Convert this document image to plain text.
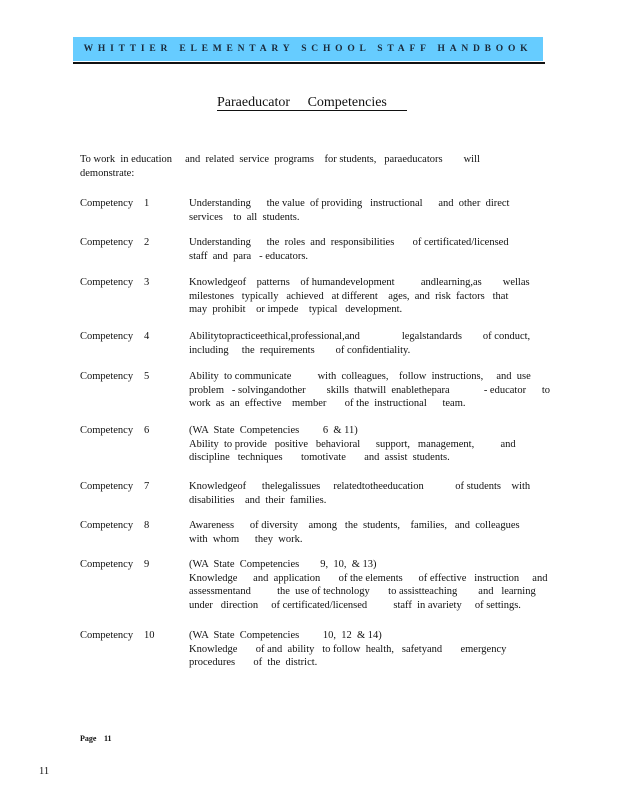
WHITTIER ELEMENTARY SCHOOL STAFF HANDBOOK
Paraeducator     Competencies
To work  in education     and  related  service  programs    for students,   paraeducators        will
demonstrate:
Competency 1	Understanding      the value  of providing   instructional      and  other  direct
services    to  all  students.
Competency 2	Understanding      the  roles  and  responsibilities       of certificated/licensed
staff  and  para   - educators.
Competency 3	Knowledgeof    patterns    of humandevelopment          andlearning,as        wellas
milestones   typically   achieved   at different    ages,  and  risk  factors   that
may  prohibit    or impede    typical   development.
Competency 4	Abilitytopracticeethical,professional,and                legalstandards        of conduct,
including     the  requirements        of confidentiality.
Competency 5	Ability  to communicate          with  colleagues,    follow  instructions,     and  use
problem   - solvingandother        skills  thatwill  enablethepara             - educator      to
work  as  an  effective    member       of the  instructional      team.
Competency 6	(WA  State  Competencies         6  & 11)
Ability  to provide   positive   behavioral      support,   management,          and
discipline   techniques       tomotivate       and  assist  students.
Competency 7	Knowledgeof      thelegalissues     relatedtotheeducation            of students    with
disabilities    and  their  families.
Competency 8	Awareness      of diversity    among   the  students,    families,   and  colleagues
with  whom      they  work.
Competency 9	(WA  State  Competencies        9,  10,  & 13)
Knowledge      and  application       of the elements      of effective   instruction     and
assessmentand          the  use of technology       to assistteaching        and   learning
under   direction     of certificated/licensed          staff  in avariety     of settings.
Competency 10	(WA  State  Competencies         10,  12  & 14)
Knowledge       of and  ability   to follow  health,   safetyand       emergency
procedures       of  the  district.
Page 11
11
